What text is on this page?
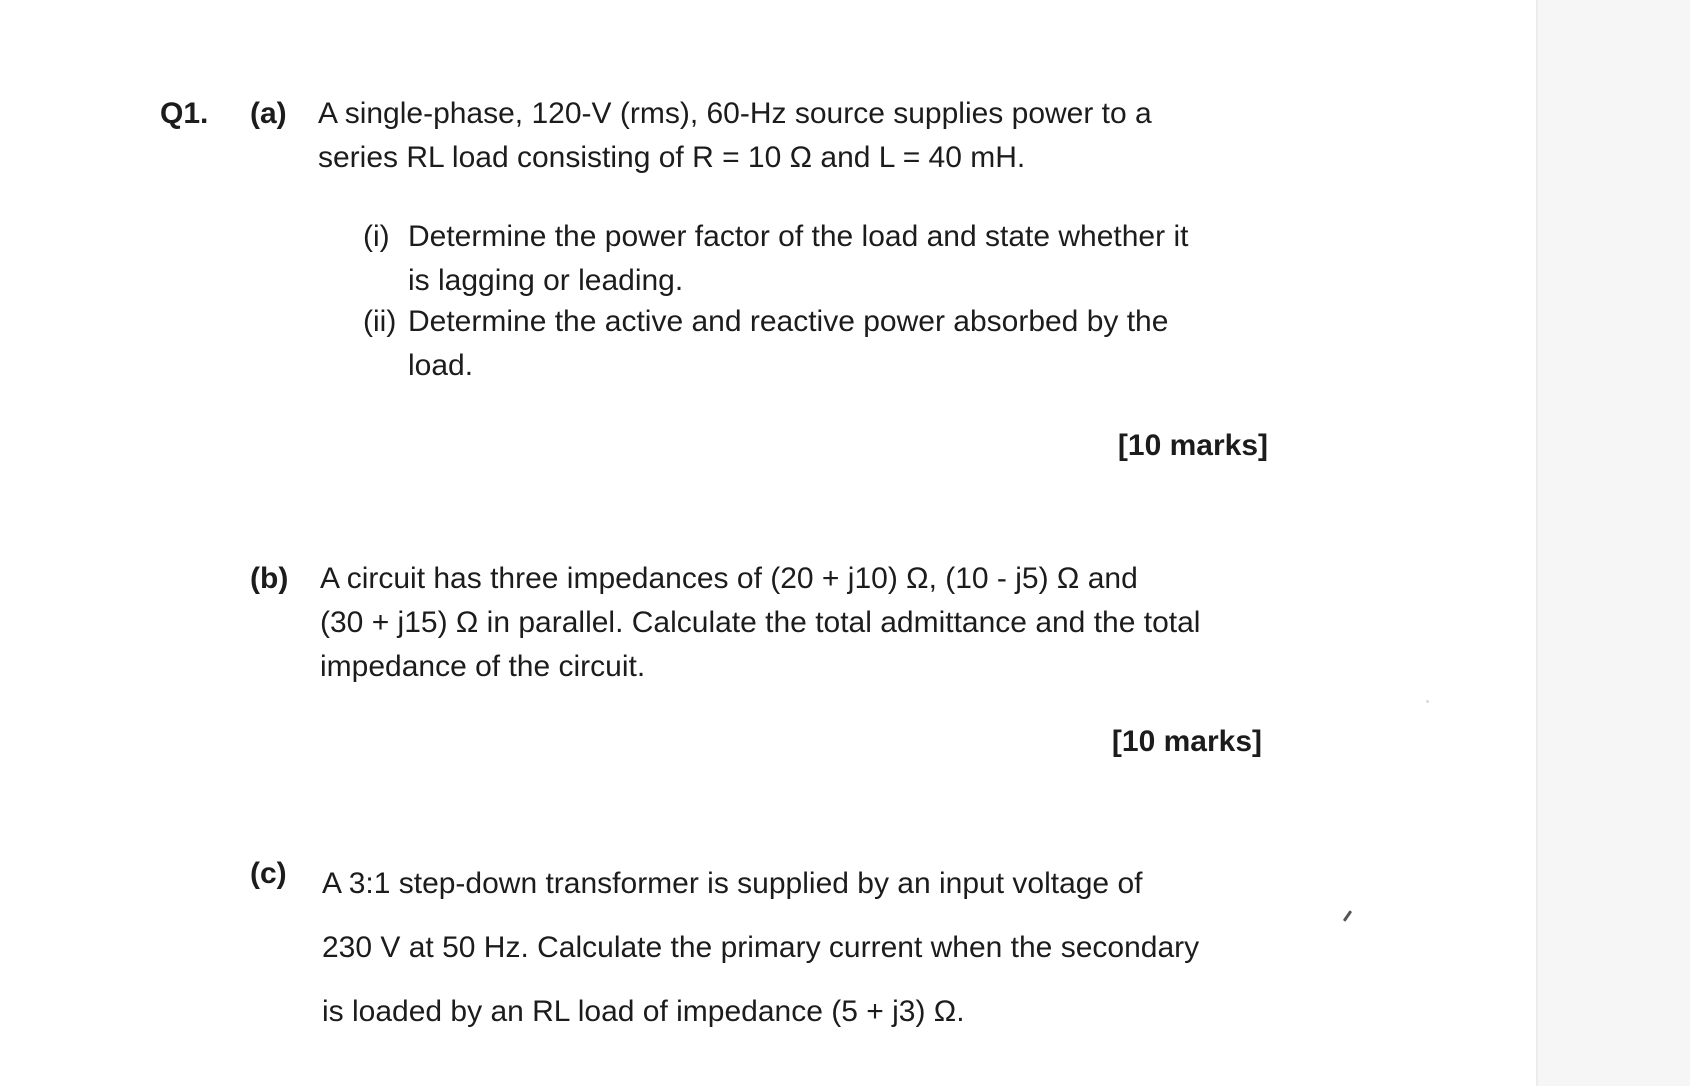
Q1. (a) A single-phase, 120-V (rms), 60-Hz source supplies power to a
series RL load consisting of R = 10 Ω and L = 40 mH.
(i) Determine the power factor of the load and state whether it
is lagging or leading.
(ii) Determine the active and reactive power absorbed by the
load.
[10 marks]
(b) A circuit has three impedances of (20 + j10) Ω, (10 - j5) Ω and
(30 + j15) Ω in parallel. Calculate the total admittance and the total
impedance of the circuit.
[10 marks]
(c) A 3:1 step-down transformer is supplied by an input voltage of
230 V at 50 Hz. Calculate the primary current when the secondary
is loaded by an RL load of impedance (5 + j3) Ω.
